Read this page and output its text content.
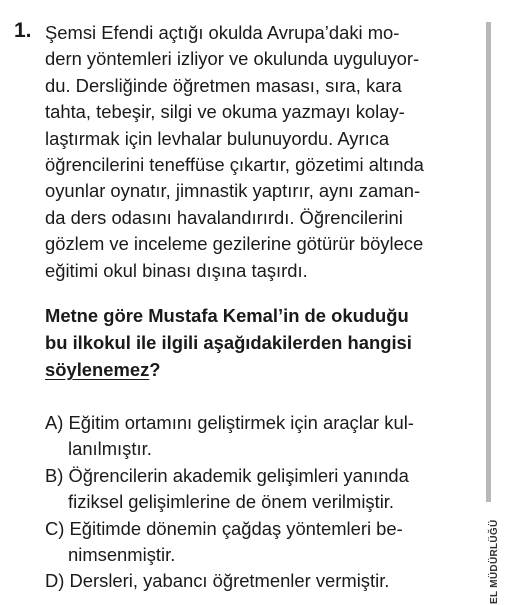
1. Şemsi Efendi açtığı okulda Avrupa’daki mo-
dern yöntemleri izliyor ve okulunda uyguluyor-
du. Dersliğinde öğretmen masası, sıra, kara
tahta, tebeşir, silgi ve okuma yazmayı kolay-
laştırmak için levhalar bulunuyordu. Ayrıca
öğrencilerini teneffüse çıkartır, gözetimi altında
oyunlar oynatır, jimnastik yaptırır, aynı zaman-
da ders odasını havalandırırdı. Öğrencilerini
gözlem ve inceleme gezilerine götürür böylece
eğitimi okul binası dışına taşırdı.
Metne göre Mustafa Kemal’in de okuduğu
bu ilkokul ile ilgili aşağıdakilerden hangisi
söylenemez?
A) Eğitim ortamını geliştirmek için araçlar kul-
lanılmıştır.
B) Öğrencilerin akademik gelişimleri yanında
fiziksel gelişimlerine de önem verilmiştir.
C) Eğitimde dönemin çağdaş yöntemleri be-
nimsenmiştir.
D) Dersleri, yabancı öğretmenler vermiştir.	EL MÜDÜRLÜĞÜ
